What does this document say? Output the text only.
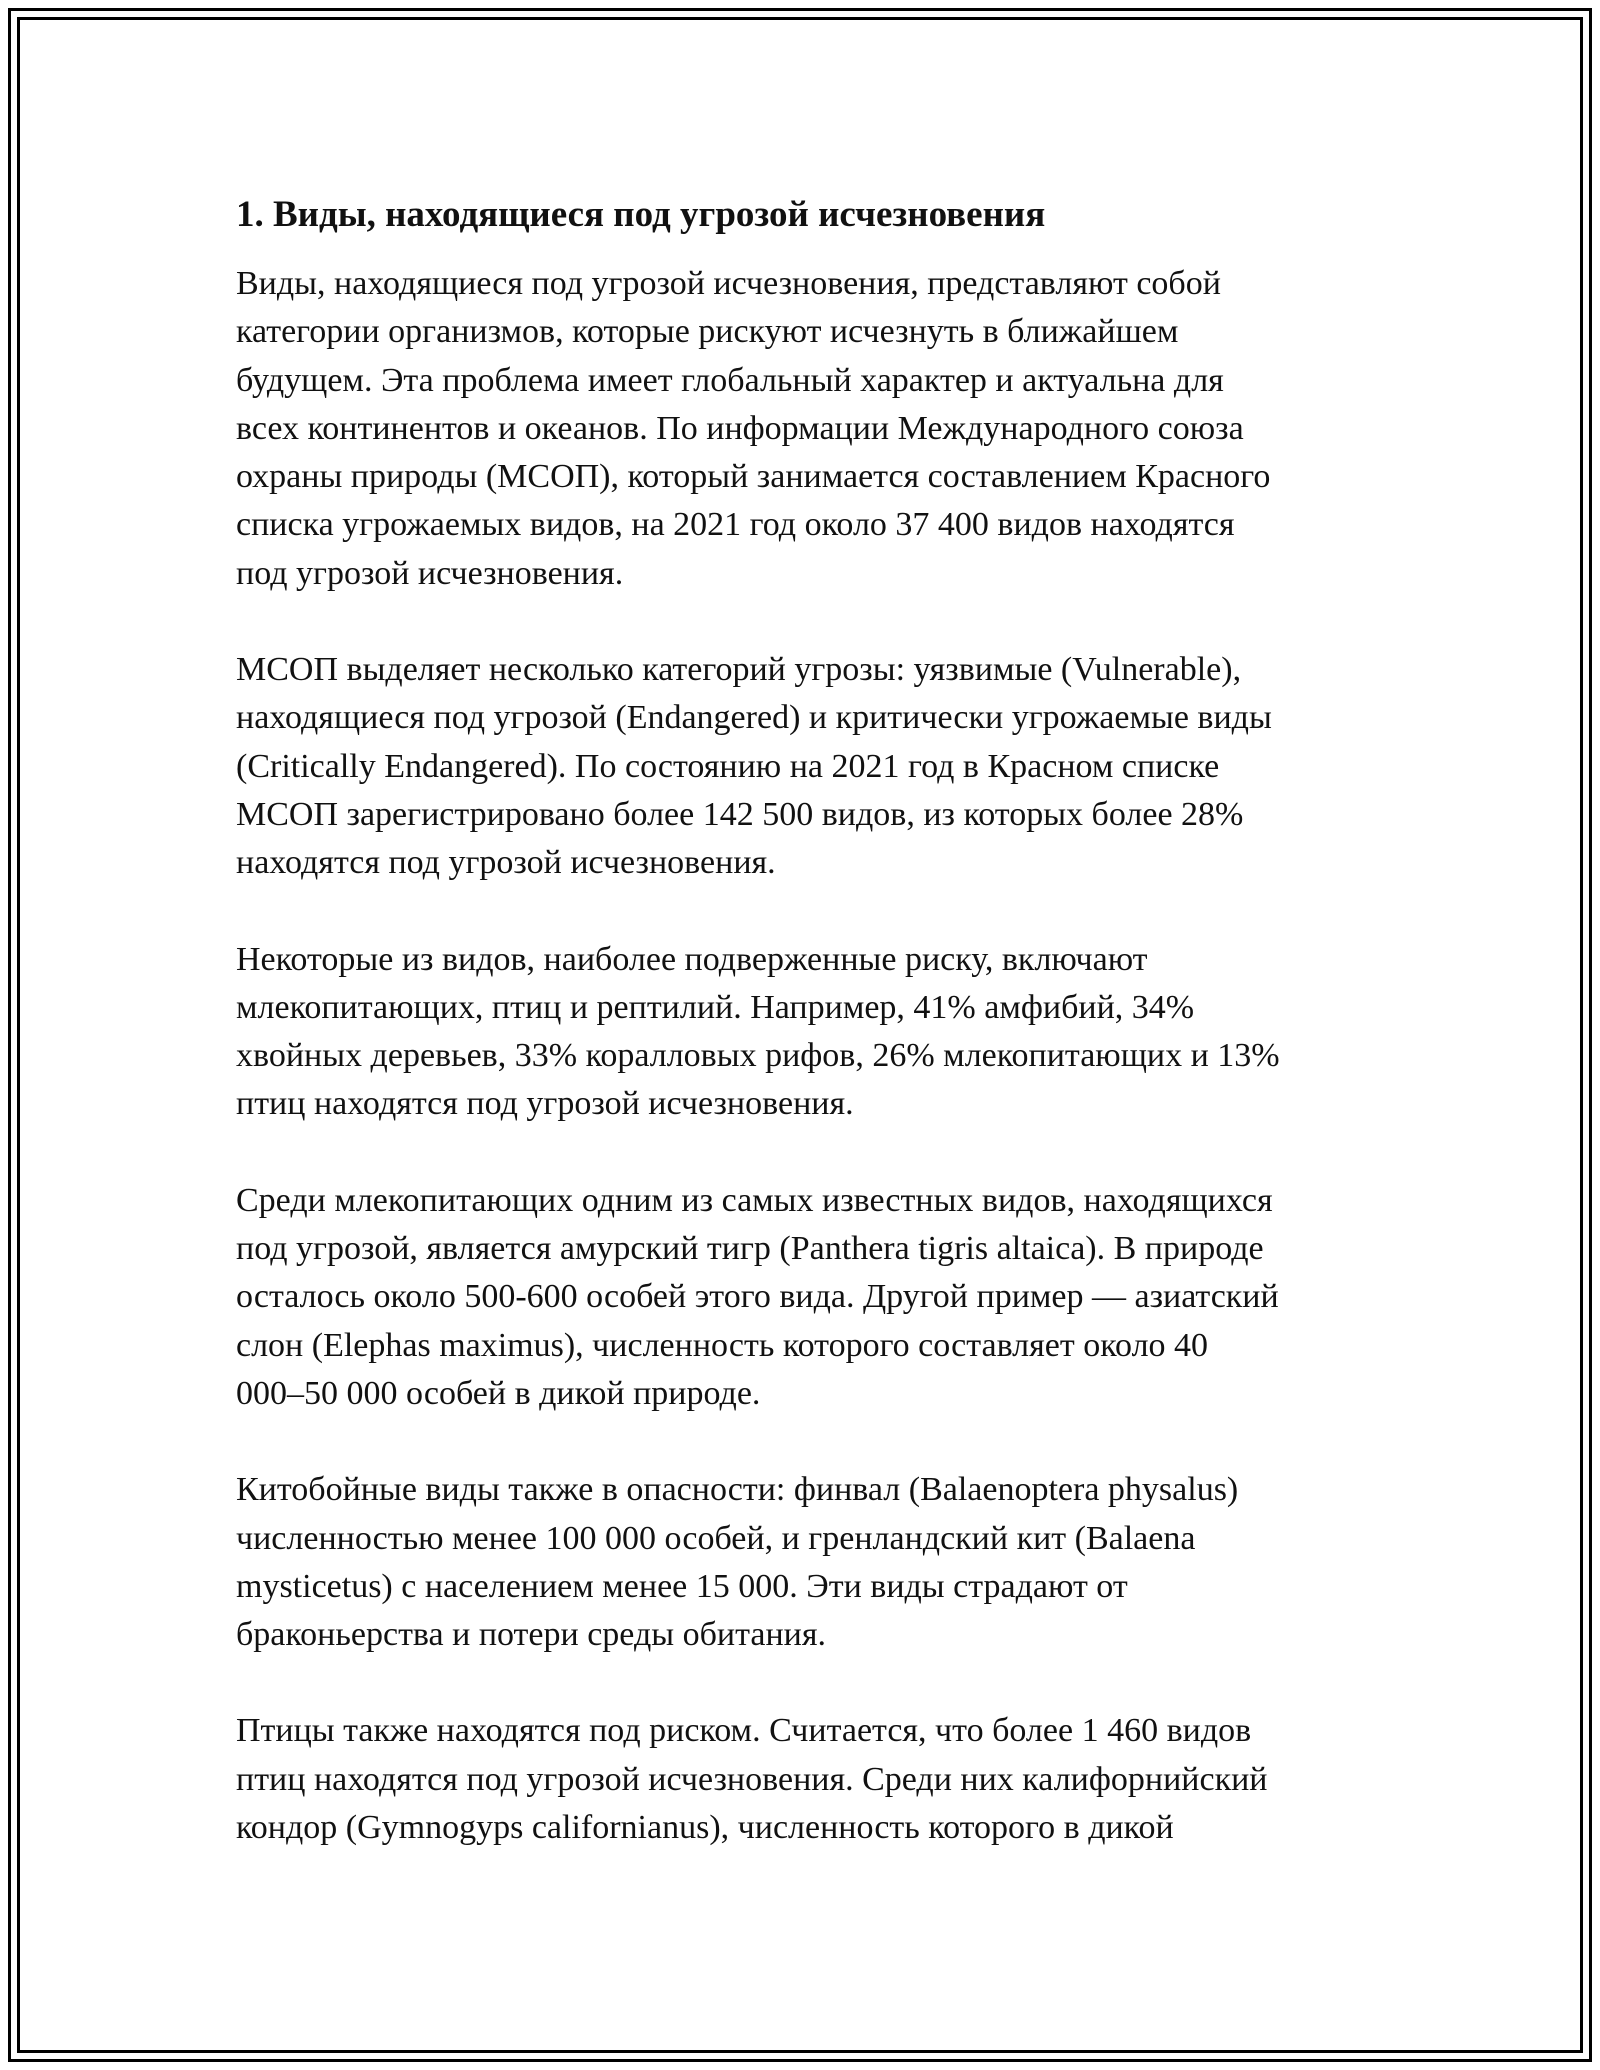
1. Виды, находящиеся под угрозой исчезновения

Виды, находящиеся под угрозой исчезновения, представляют собой
категории организмов, которые рискуют исчезнуть в ближайшем
будущем. Эта проблема имеет глобальный характер и актуальна для
всех континентов и океанов. По информации Международного союза
охраны природы (МСОП), который занимается составлением Красного
списка угрожаемых видов, на 2021 год около 37 400 видов находятся
под угрозой исчезновения.

МСОП выделяет несколько категорий угрозы: уязвимые (Vulnerable),
находящиеся под угрозой (Endangered) и критически угрожаемые виды
(Critically Endangered). По состоянию на 2021 год в Красном списке
МСОП зарегистрировано более 142 500 видов, из которых более 28%
находятся под угрозой исчезновения.

Некоторые из видов, наиболее подверженные риску, включают
млекопитающих, птиц и рептилий. Например, 41% амфибий, 34%
хвойных деревьев, 33% коралловых рифов, 26% млекопитающих и 13%
птиц находятся под угрозой исчезновения.

Среди млекопитающих одним из самых известных видов, находящихся
под угрозой, является амурский тигр (Panthera tigris altaica). В природе
осталось около 500-600 особей этого вида. Другой пример — азиатский
слон (Elephas maximus), численность которого составляет около 40
000–50 000 особей в дикой природе.

Китобойные виды также в опасности: финвал (Balaenoptera physalus)
численностью менее 100 000 особей, и гренландский кит (Balaena
mysticetus) с населением менее 15 000. Эти виды страдают от
браконьерства и потери среды обитания.

Птицы также находятся под риском. Считается, что более 1 460 видов
птиц находятся под угрозой исчезновения. Среди них калифорнийский
кондор (Gymnogyps californianus), численность которого в дикой
